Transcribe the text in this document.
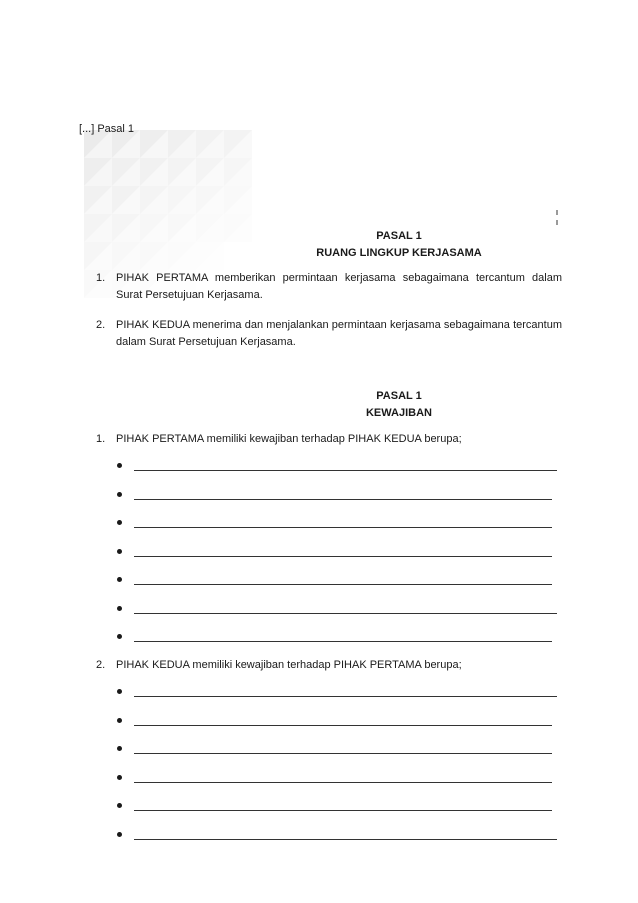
[...] Pasal 1
PASAL 1
RUANG LINGKUP KERJASAMA
1. PIHAK PERTAMA memberikan permintaan kerjasama sebagaimana tercantum dalam Surat Persetujuan Kerjasama.
2. PIHAK KEDUA menerima dan menjalankan permintaan kerjasama sebagaimana tercantum dalam Surat Persetujuan Kerjasama.
PASAL 1
KEWAJIBAN
1. PIHAK PERTAMA memiliki kewajiban terhadap PIHAK KEDUA berupa;
2. PIHAK KEDUA memiliki kewajiban terhadap PIHAK PERTAMA berupa;
